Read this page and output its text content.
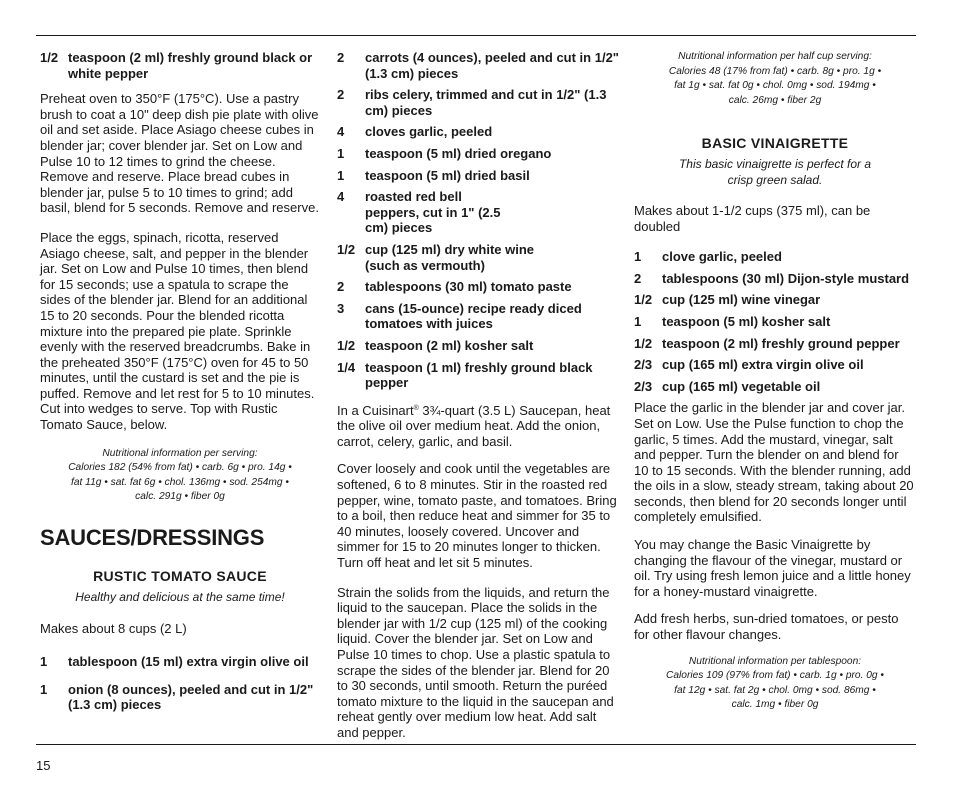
1/2 teaspoon (2 ml) freshly ground black or white pepper

Preheat oven to 350°F (175°C). Use a pastry brush to coat a 10" deep dish pie plate with olive oil and set aside. Place Asiago cheese cubes in blender jar; cover blender jar. Set on Low and Pulse 10 to 12 times to grind the cheese. Remove and reserve. Place bread cubes in blender jar, pulse 5 to 10 times to grind; add basil, blend for 5 seconds. Remove and reserve.

Place the eggs, spinach, ricotta, reserved Asiago cheese, salt, and pepper in the blender jar. Set on Low and Pulse 10 times, then blend for 15 seconds; use a spatula to scrape the sides of the blender jar. Blend for an additional 15 to 20 seconds. Pour the blended ricotta mixture into the prepared pie plate. Sprinkle evenly with the reserved breadcrumbs. Bake in the preheated 350°F (175°C) oven for 45 to 50 minutes, until the custard is set and the pie is puffed. Remove and let rest for 5 to 10 minutes. Cut into wedges to serve. Top with Rustic Tomato Sauce, below.

Nutritional information per serving:

Calories 182 (54% from fat) • carb. 6g • pro. 14g •

fat 11g • sat. fat 6g • chol. 136mg • sod. 254mg •

calc. 291g • fiber 0g

SAUCES/DRESSINGS
RUSTIC TOMATO SAUCE

Healthy and delicious at the same time!

Makes about 8 cups (2 L)

1	tablespoon (15 ml) extra virgin olive oil
1	onion (8 ounces), peeled and cut in 1/2" (1.3 cm) pieces
2	carrots (4 ounces), peeled and cut in 1/2" (1.3 cm) pieces
2	ribs celery, trimmed and cut in 1/2" (1.3 cm) pieces
4	cloves garlic, peeled
1	teaspoon (5 ml) dried oregano
1	teaspoon (5 ml) dried basil
4	roasted red bell peppers, cut in 1" (2.5 cm) pieces
1/2 cup (125 ml) dry white wine (such as vermouth)
2	tablespoons (30 ml) tomato paste
3	cans (15-ounce) recipe ready diced tomatoes with juices
1/2 teaspoon (2 ml) kosher salt
1/4 teaspoon (1 ml) freshly ground black pepper

In a Cuisinart® 3¾-quart (3.5 L) Saucepan, heat the olive oil over medium heat. Add the onion, carrot, celery, garlic, and basil.

Cover loosely and cook until the vegetables are softened, 6 to 8 minutes. Stir in the roasted red pepper, wine, tomato paste, and tomatoes. Bring to a boil, then reduce heat and simmer for 35 to 40 minutes, loosely covered. Uncover and simmer for 15 to 20 minutes longer to thicken. Turn off heat and let sit 5 minutes.

Strain the solids from the liquids, and return the liquid to the saucepan. Place the solids in the blender jar with 1/2 cup (125 ml) of the cooking liquid. Cover the blender jar. Set on Low and Pulse 10 times to chop. Use a plastic spatula to scrape the sides of the blender jar. Blend for 20 to 30 seconds, until smooth. Return the puréed tomato mixture to the liquid in the saucepan and reheat gently over medium low heat. Add salt and pepper.

Nutritional information per half cup serving:

Calories 48 (17% from fat) • carb. 8g • pro. 1g •

fat 1g • sat. fat 0g • chol. 0mg • sod. 194mg •

calc. 26mg • fiber 2g

BASIC VINAIGRETTE

This basic vinaigrette is perfect for a

crisp green salad.

Makes about 1-1/2 cups (375 ml), can be doubled

1	clove garlic, peeled
2	tablespoons (30 ml) Dijon-style mustard
1/2 cup (125 ml) wine vinegar
1	teaspoon (5 ml) kosher salt
1/2 teaspoon (2 ml) freshly ground pepper
2/3 cup (165 ml) extra virgin olive oil
2/3 cup (165 ml) vegetable oil

Place the garlic in the blender jar and cover jar. Set on Low. Use the Pulse function to chop the garlic, 5 times. Add the mustard, vinegar, salt and pepper. Turn the blender on and blend for 10 to 15 seconds. With the blender running, add the oils in a slow, steady stream, taking about 20 seconds, then blend for 20 seconds longer until completely emulsified.

You may change the Basic Vinaigrette by changing the flavour of the vinegar, mustard or oil. Try using fresh lemon juice and a little honey for a honey-mustard vinaigrette.

Add fresh herbs, sun-dried tomatoes, or pesto for other flavour changes.

Nutritional information per tablespoon:

Calories 109 (97% from fat) • carb. 1g • pro. 0g •

fat 12g • sat. fat 2g • chol. 0mg • sod. 86mg •

calc. 1mg • fiber 0g

15
